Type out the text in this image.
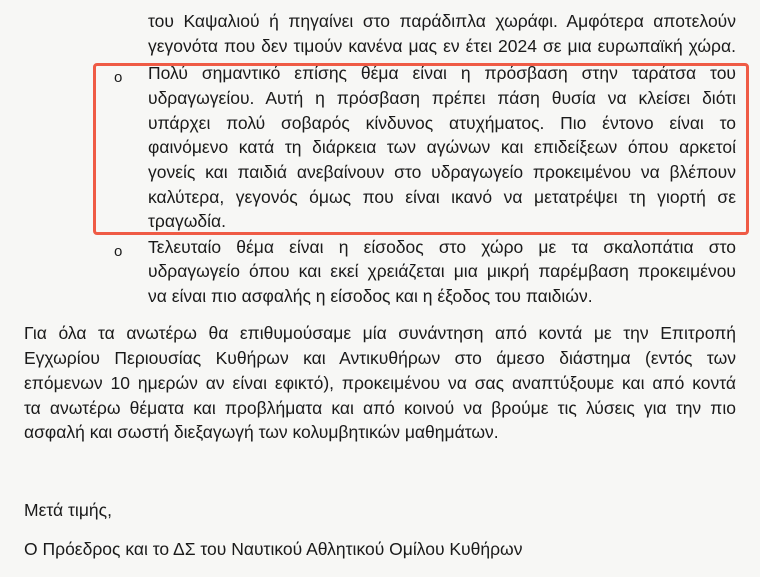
του Καψαλιού ή πηγαίνει στο παράδιπλα χωράφι. Αμφότερα αποτελούν
γεγονότα που δεν τιμούν κανένα μας εν έτει 2024 σε μια ευρωπαϊκή χώρα.
o Πολύ σημαντικό επίσης θέμα είναι η πρόσβαση στην ταράτσα του
υδραγωγείου. Αυτή η πρόσβαση πρέπει πάση θυσία να κλείσει διότι
υπάρχει πολύ σοβαρός κίνδυνος ατυχήματος. Πιο έντονο είναι το
φαινόμενο κατά τη διάρκεια των αγώνων και επιδείξεων όπου αρκετοί
γονείς και παιδιά ανεβαίνουν στο υδραγωγείο προκειμένου να βλέπουν
καλύτερα, γεγονός όμως που είναι ικανό να μετατρέψει τη γιορτή σε
τραγωδία.
o Τελευταίο θέμα είναι η είσοδος στο χώρο με τα σκαλοπάτια στο
υδραγωγείο όπου και εκεί χρειάζεται μια μικρή παρέμβαση προκειμένου
να είναι πιο ασφαλής η είσοδος και η έξοδος του παιδιών.
Για όλα τα ανωτέρω θα επιθυμούσαμε μία συνάντηση από κοντά με την Επιτροπή
Εγχωρίου Περιουσίας Κυθήρων και Αντικυθήρων στο άμεσο διάστημα (εντός των
επόμενων 10 ημερών αν είναι εφικτό), προκειμένου να σας αναπτύξουμε και από κοντά
τα ανωτέρω θέματα και προβλήματα και από κοινού να βρούμε τις λύσεις για την πιο
ασφαλή και σωστή διεξαγωγή των κολυμβητικών μαθημάτων.
Μετά τιμής,
Ο Πρόεδρος και το ΔΣ του Ναυτικού Αθλητικού Ομίλου Κυθήρων
